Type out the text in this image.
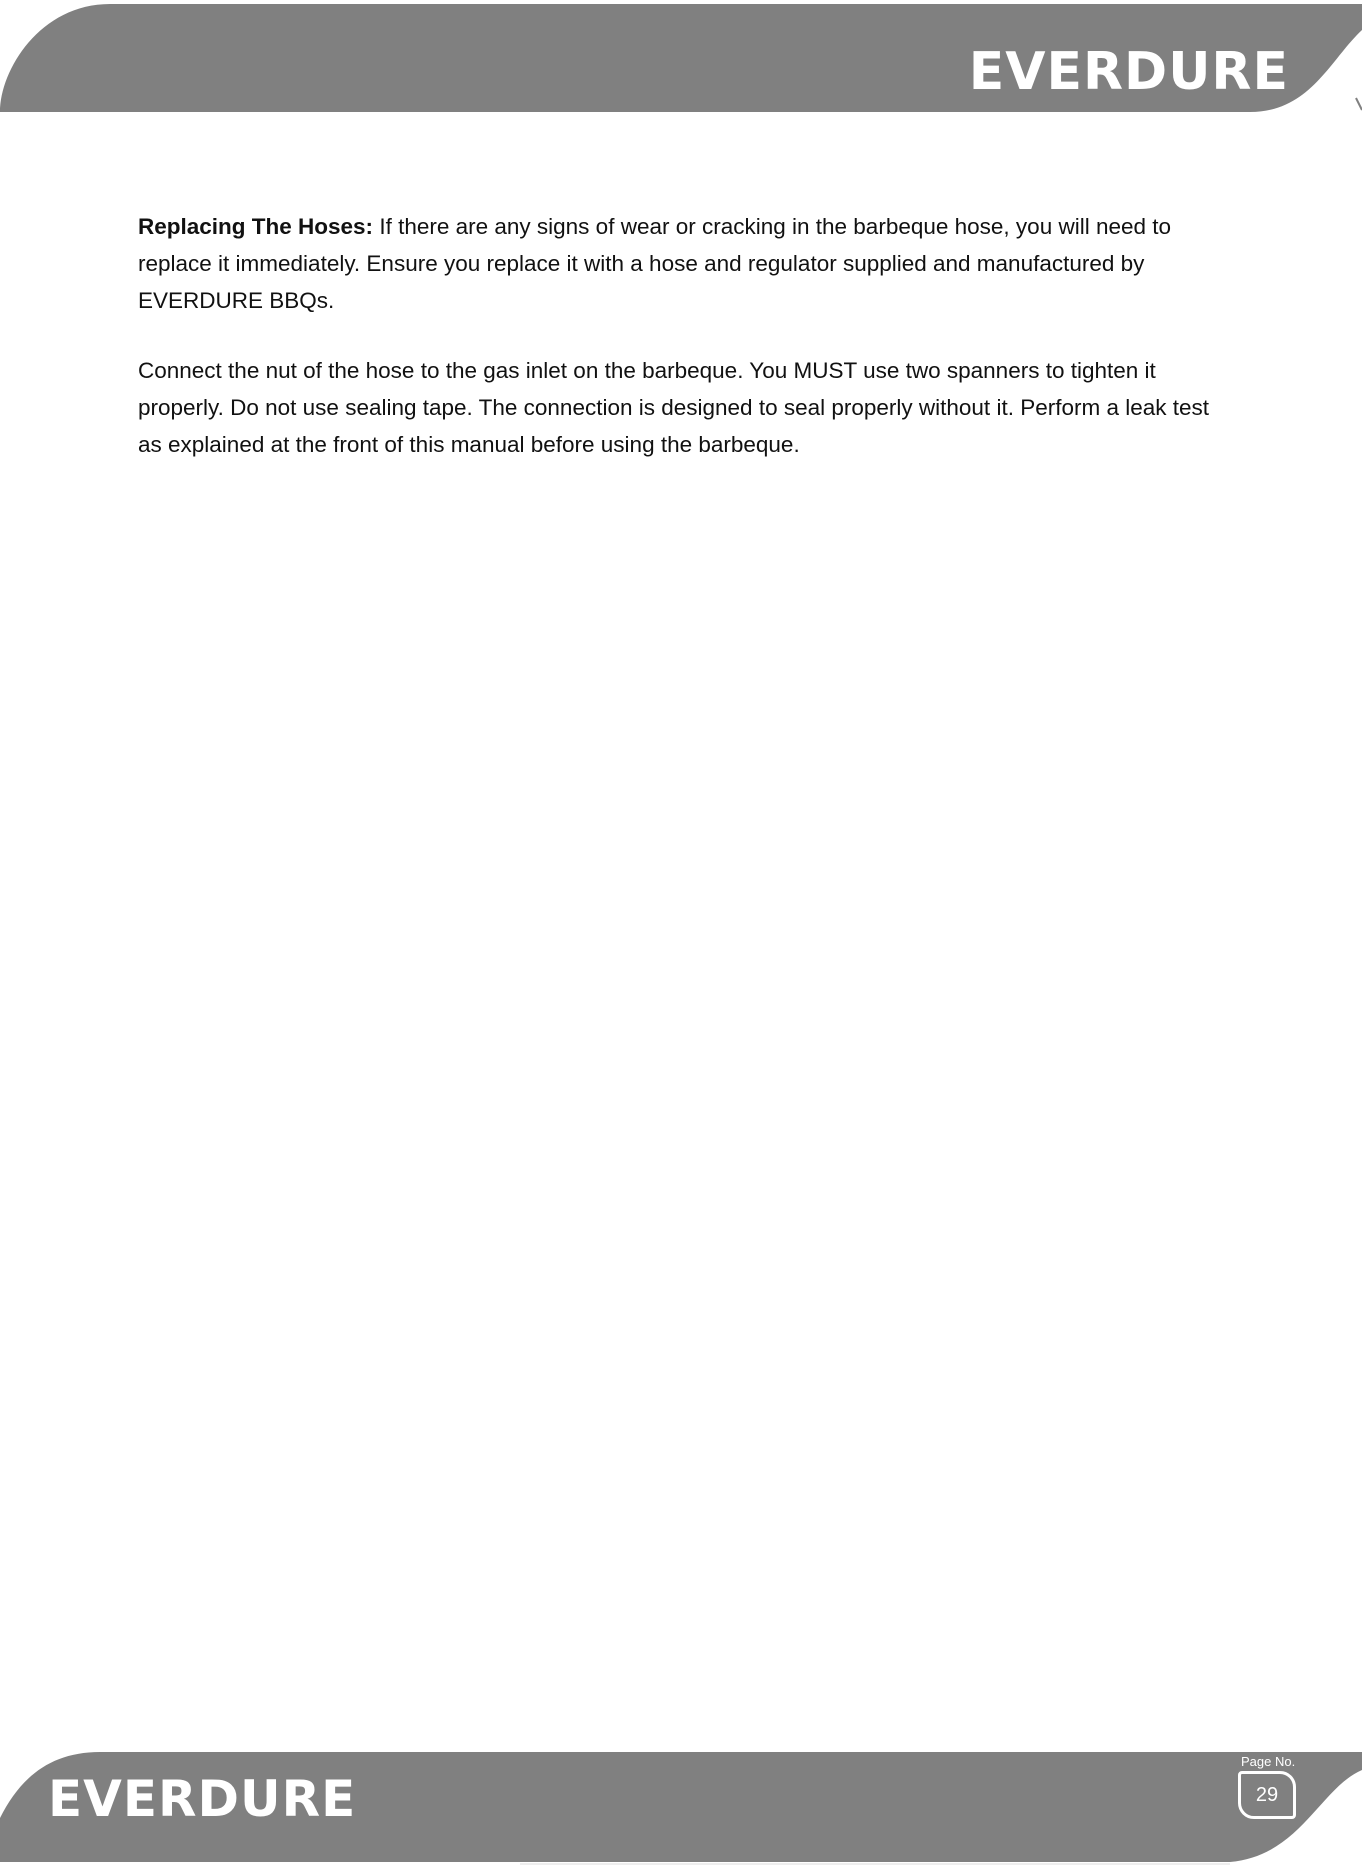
EVERDURE

Replacing The Hoses: If there are any signs of wear or cracking in the barbeque hose, you will need to replace it immediately. Ensure you replace it with a hose and regulator supplied and manufactured by EVERDURE BBQs.

Connect the nut of the hose to the gas inlet on the barbeque. You MUST use two spanners to tighten it properly. Do not use sealing tape. The connection is designed to seal properly without it. Perform a leak test as explained at the front of this manual before using the barbeque.

EVERDURE
Page No.
29
